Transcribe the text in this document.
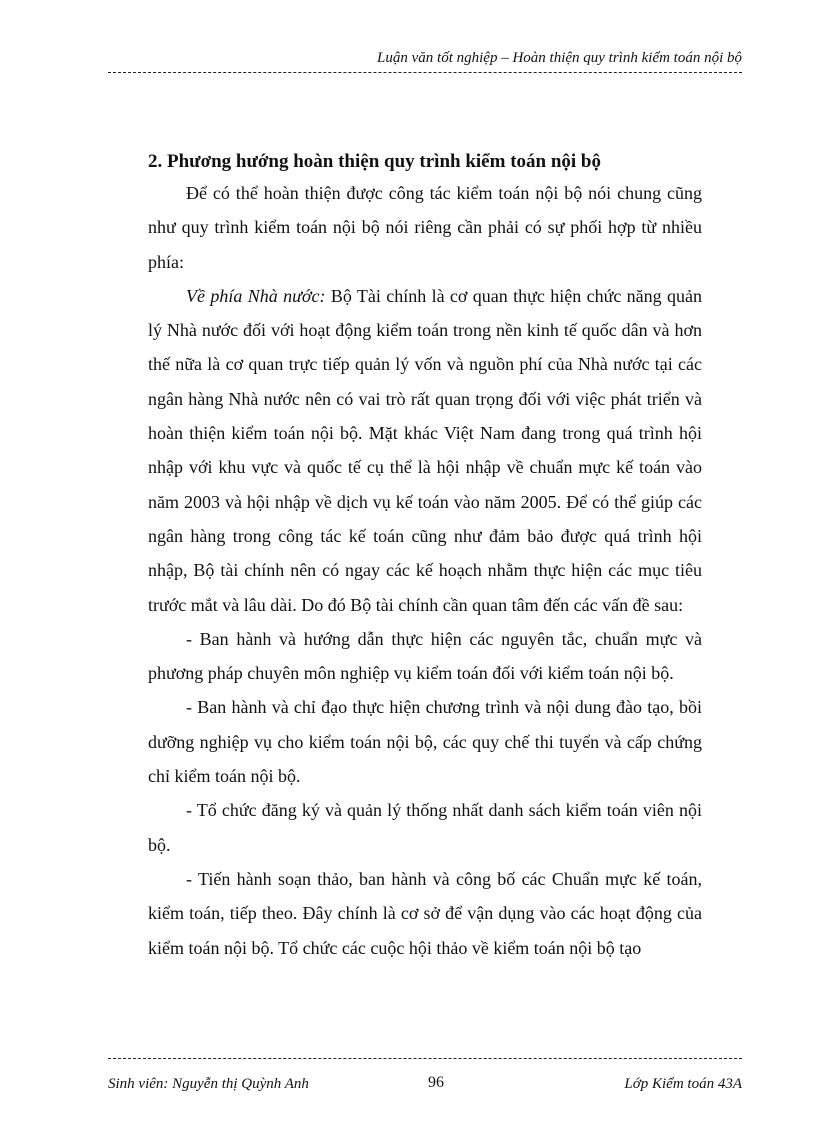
Luận văn tốt nghiệp – Hoàn thiện quy trình kiểm toán nội bộ
2. Phương hướng hoàn thiện quy trình kiểm toán nội bộ

Để có thể hoàn thiện được công tác kiểm toán nội bộ nói chung cũng như quy trình kiểm toán nội bộ nói riêng cần phải có sự phối hợp từ nhiều phía:

Về phía Nhà nước: Bộ Tài chính là cơ quan thực hiện chức năng quản lý Nhà nước đối với hoạt động kiểm toán trong nền kinh tế quốc dân và hơn thế nữa là cơ quan trực tiếp quản lý vốn và nguồn phí của Nhà nước tại các ngân hàng Nhà nước nên có vai trò rất quan trọng đối với việc phát triển và hoàn thiện kiểm toán nội bộ. Mặt khác Việt Nam đang trong quá trình hội nhập với khu vực và quốc tế cụ thể là hội nhập về chuẩn mực kế toán vào năm 2003 và hội nhập về dịch vụ kế toán vào năm 2005. Để có thể giúp các ngân hàng trong công tác kế toán cũng như đảm bảo được quá trình hội nhập, Bộ tài chính nên có ngay các kế hoạch nhằm thực hiện các mục tiêu trước mắt và lâu dài. Do đó Bộ tài chính cần quan tâm đến các vấn đề sau:

- Ban hành và hướng dẫn thực hiện các nguyên tắc, chuẩn mực và phương pháp chuyên môn nghiệp vụ kiểm toán đối với kiểm toán nội bộ.

- Ban hành và chỉ đạo thực hiện chương trình và nội dung đào tạo, bồi dưỡng nghiệp vụ cho kiểm toán nội bộ, các quy chế thi tuyển và cấp chứng chỉ kiểm toán nội bộ.

- Tổ chức đăng ký và quản lý thống nhất danh sách kiểm toán viên nội bộ.

- Tiến hành soạn thảo, ban hành và công bố các Chuẩn mực kế toán, kiểm toán, tiếp theo. Đây chính là cơ sở để vận dụng vào các hoạt động của kiểm toán nội bộ. Tổ chức các cuộc hội thảo về kiểm toán nội bộ tạo

Sinh viên: Nguyễn thị Quỳnh Anh	96	Lớp Kiểm toán 43A
